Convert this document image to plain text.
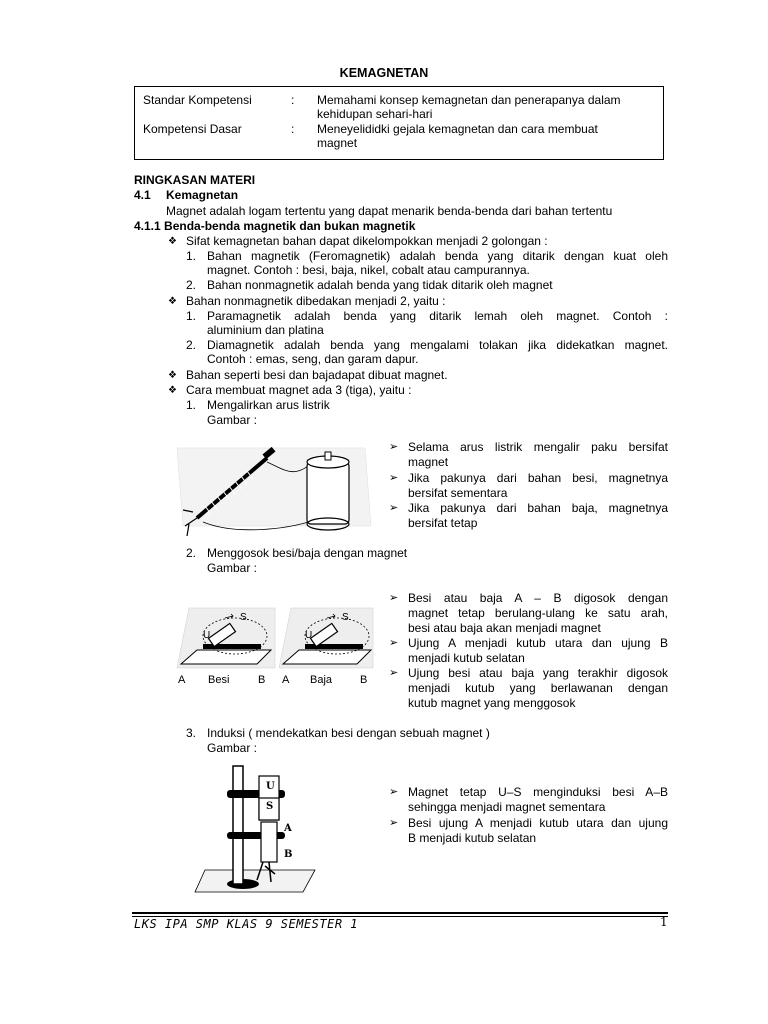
KEMAGNETAN
Standar Kompetensi	: Memahami konsep kemagnetan dan penerapanya dalam
kehidupan sehari-hari
Kompetensi Dasar	: Meneyelididki gejala kemagnetan dan cara membuat
magnet
RINGKASAN MATERI
4.1 Kemagnetan
Magnet adalah logam tertentu yang dapat menarik benda-benda dari bahan tertentu
4.1.1 Benda-benda magnetik dan bukan magnetik
❖ Sifat kemagnetan bahan dapat dikelompokkan menjadi 2 golongan :
1. Bahan magnetik (Feromagnetik) adalah benda yang ditarik dengan kuat oleh
magnet. Contoh : besi, baja, nikel, cobalt atau campurannya.
2. Bahan nonmagnetik adalah benda yang tidak ditarik oleh magnet
❖ Bahan nonmagnetik dibedakan menjadi 2, yaitu :
1. Paramagnetik adalah benda yang ditarik lemah oleh magnet. Contoh :
aluminium dan platina
2. Diamagnetik adalah benda yang mengalami tolakan jika didekatkan magnet.
Contoh : emas, seng, dan garam dapur.
❖ Bahan seperti besi dan bajadapat dibuat magnet.
❖ Cara membuat magnet ada 3 (tiga), yaitu :
1. Mengalirkan arus listrik
Gambar :
➢ Selama arus listrik mengalir paku bersifat
magnet
➢ Jika pakunya dari bahan besi, magnetnya
bersifat sementara
➢ Jika pakunya dari bahan baja, magnetnya
bersifat tetap
2. Menggosok besi/baja dengan magnet
Gambar :
U
S
U
S
A Besi	B A Baja	B
➢ Besi atau baja A – B digosok dengan
magnet tetap berulang-ulang ke satu arah,
besi atau baja akan menjadi magnet
➢ Ujung A menjadi kutub utara dan ujung B
menjadi kutub selatan
➢ Ujung besi atau baja yang terakhir digosok
menjadi kutub yang berlawanan dengan
kutub magnet yang menggosok
3. Induksi ( mendekatkan besi dengan sebuah magnet )
Gambar :
U
S
A
B
➢ Magnet tetap U–S menginduksi besi A–B
sehingga menjadi magnet sementara
➢ Besi ujung A menjadi kutub utara dan ujung
B menjadi kutub selatan
LKS IPA SMP KLAS 9 SEMESTER 1	1
